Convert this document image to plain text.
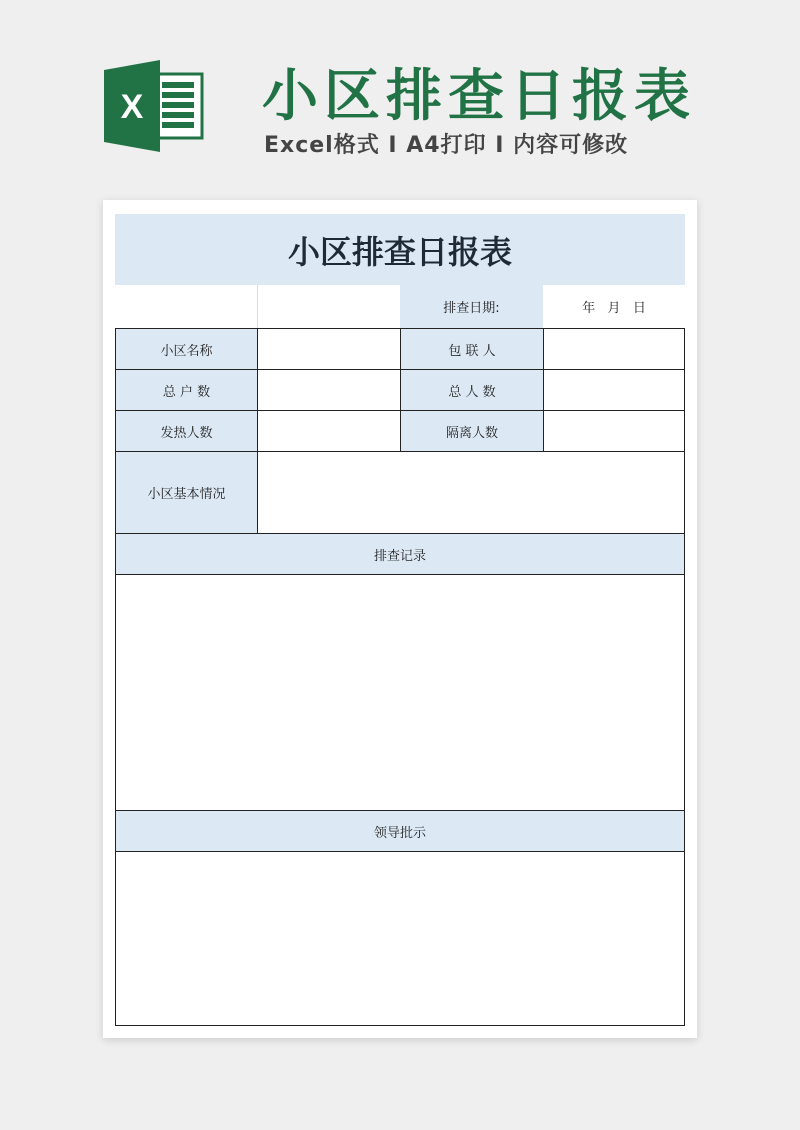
X 小区排查日报表
Excel格式 Ⅰ A4打印 Ⅰ 内容可修改
小区排查日报表
排查日期:	年   月   日
小区名称	包 联 人
总 户 数	总 人 数
发热人数	隔离人数
小区基本情况
排查记录
领导批示
